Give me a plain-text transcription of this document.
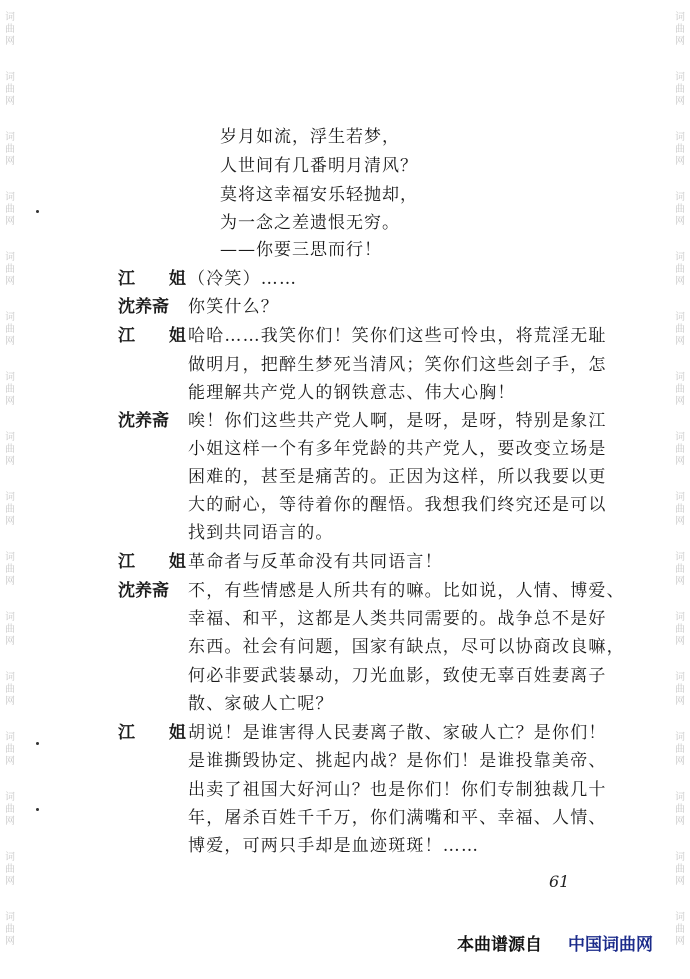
词
曲
网
词
曲
网
词
曲
网
词
曲
网
词
曲
网
词
曲
网
词
曲
网
词
曲
网
词
曲
网
词
曲
网
词
曲
网
词
曲
网
词
曲
网
词
曲
网
词
曲
网
词
曲
网
词
曲
网
词
曲
网
词
曲
网
词
曲
网
词
曲
网
词
曲
网
词
曲
网
词
曲
网
词
曲
网
词
曲
网
词
曲
网
词
曲
网
词
曲
网
词
曲
网
词
曲
网
词
曲
网
岁月如流，浮生若梦，
人世间有几番明月清风？
莫将这幸福安乐轻抛却，
为一念之差遗恨无穷。
——你要三思而行！
江 姐
（冷笑）……
沈养斋 你笑什么？
江 姐
哈哈……我笑你们！笑你们这些可怜虫，将荒淫无耻
做明月，把醉生梦死当清风；笑你们这些刽子手，怎
能理解共产党人的钢铁意志、伟大心胸！
沈养斋 唉！你们这些共产党人啊，是呀，是呀，特别是象江
小姐这样一个有多年党龄的共产党人，要改变立场是
困难的，甚至是痛苦的。正因为这样，所以我要以更
大的耐心，等待着你的醒悟。我想我们终究还是可以
找到共同语言的。
江 姐
革命者与反革命没有共同语言！
沈养斋 不，有些情感是人所共有的嘛。比如说，人情、博爱、
幸福、和平，这都是人类共同需要的。战争总不是好
东西。社会有问题，国家有缺点，尽可以协商改良嘛，
何必非要武装暴动，刀光血影，致使无辜百姓妻离子
散、家破人亡呢？
江 姐
胡说！是谁害得人民妻离子散、家破人亡？是你们！
是谁撕毁协定、挑起内战？是你们！是谁投靠美帝、
出卖了祖国大好河山？也是你们！你们专制独裁几十
年，屠杀百姓千千万，你们满嘴和平、幸福、人情、
博爱，可两只手却是血迹斑斑！……
61
本曲谱源自 中国词曲网
